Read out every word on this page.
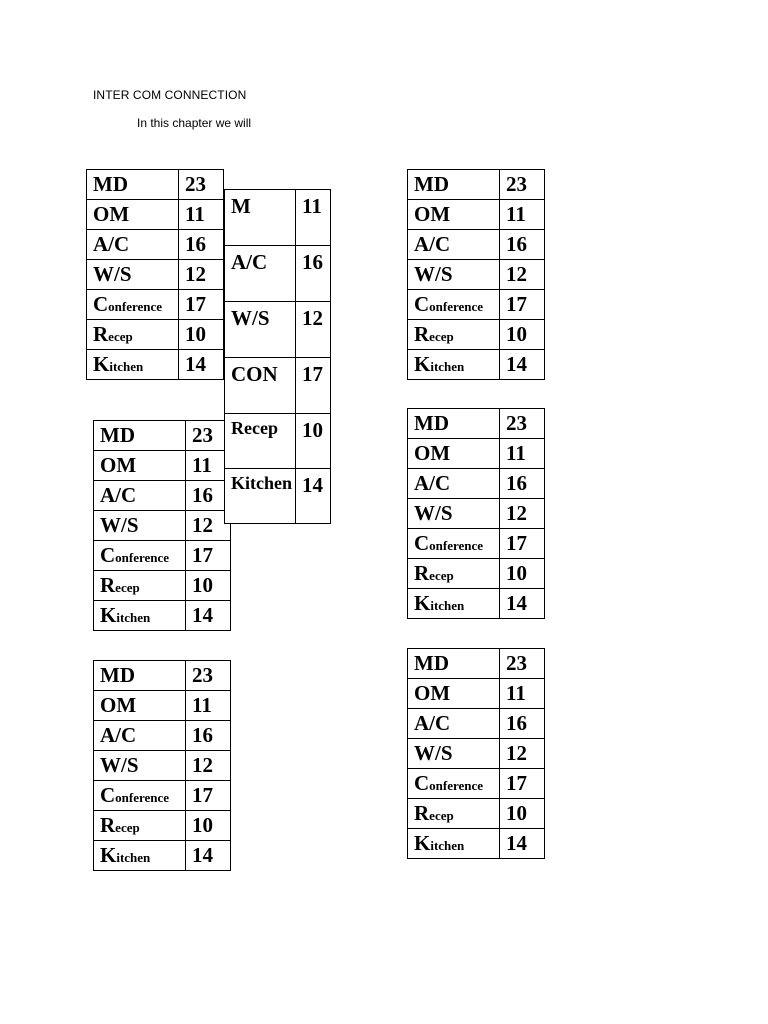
INTER COM CONNECTION
In this chapter we will
MD	23
OM	11
A/C	16
W/S	12
Conference	17
Recep	10
Kitchen	14
MD	23
OM	11
A/C	16
W/S	12
Conference	17
Recep	10
Kitchen	14
MD	23
OM	11
A/C	16
W/S	12
Conference	17
Recep	10
Kitchen	14
MD	23
OM	11
A/C	16
W/S	12
Conference	17
Recep	10
Kitchen	14
MD	23
OM	11
A/C	16
W/S	12
Conference	17
Recep	10
Kitchen	14
MD	23
OM	11
A/C	16
W/S	12
Conference	17
Recep	10
Kitchen	14
M	11
A/C	16
W/S	12
CON	17
Recep	10
Kitchen	14
